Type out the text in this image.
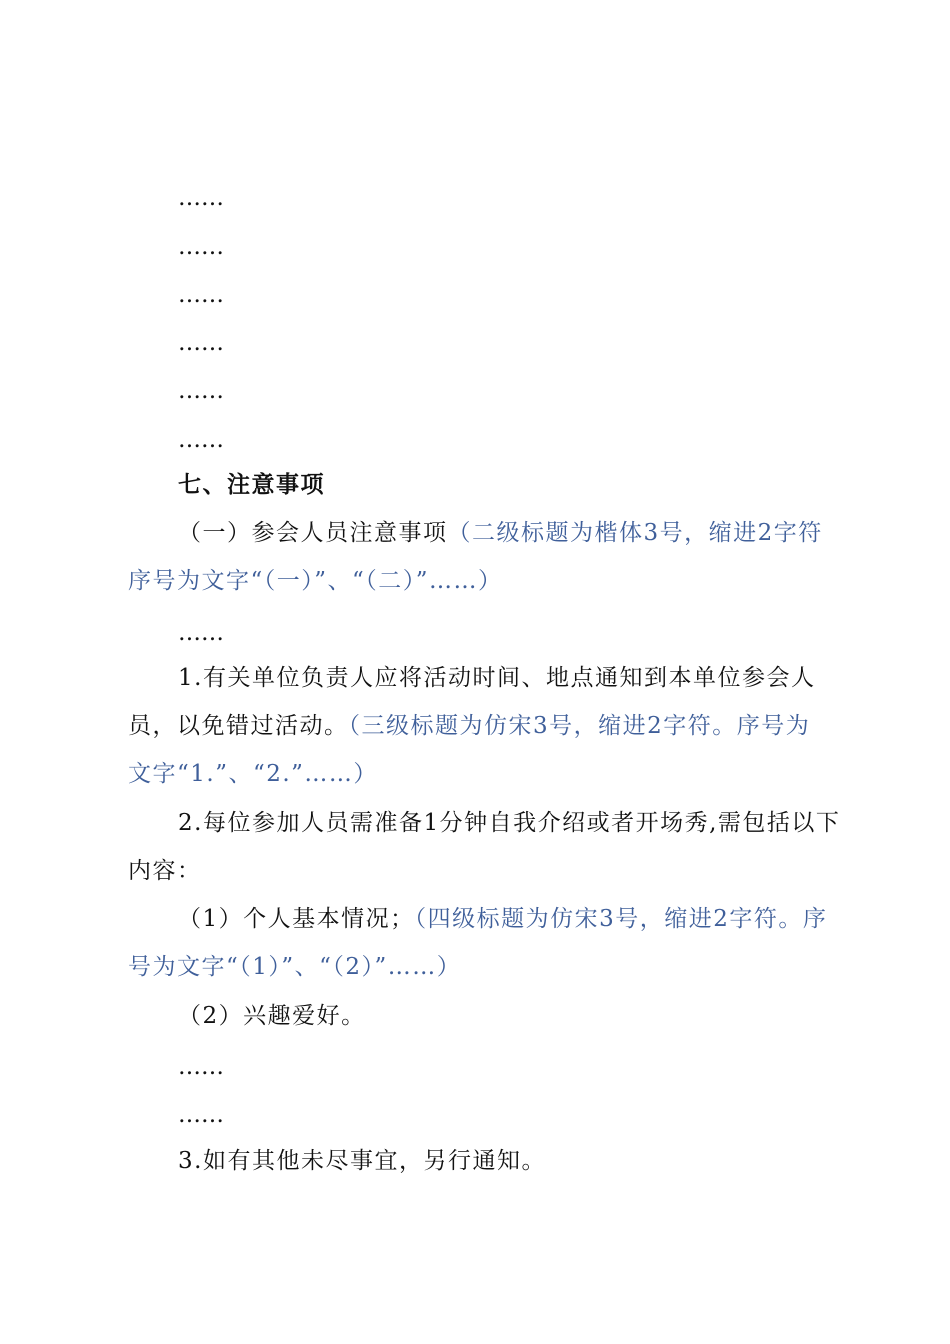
……
……
……
……
……
……
七、注意事项
（一）参会人员注意事项（二级标题为楷体3号，缩进2字符
序号为文字“（一）”、“（二）”……）
……
1.有关单位负责人应将活动时间、地点通知到本单位参会人
员，以免错过活动。（三级标题为仿宋3号，缩进2字符。序号为
文字“1.”、“2.”……）
2.每位参加人员需准备1分钟自我介绍或者开场秀,需包括以下
内容：
（1）个人基本情况；（四级标题为仿宋3号，缩进2字符。序
号为文字“（1）”、“（2）”……）
（2）兴趣爱好。
……
……
3.如有其他未尽事宜，另行通知。
